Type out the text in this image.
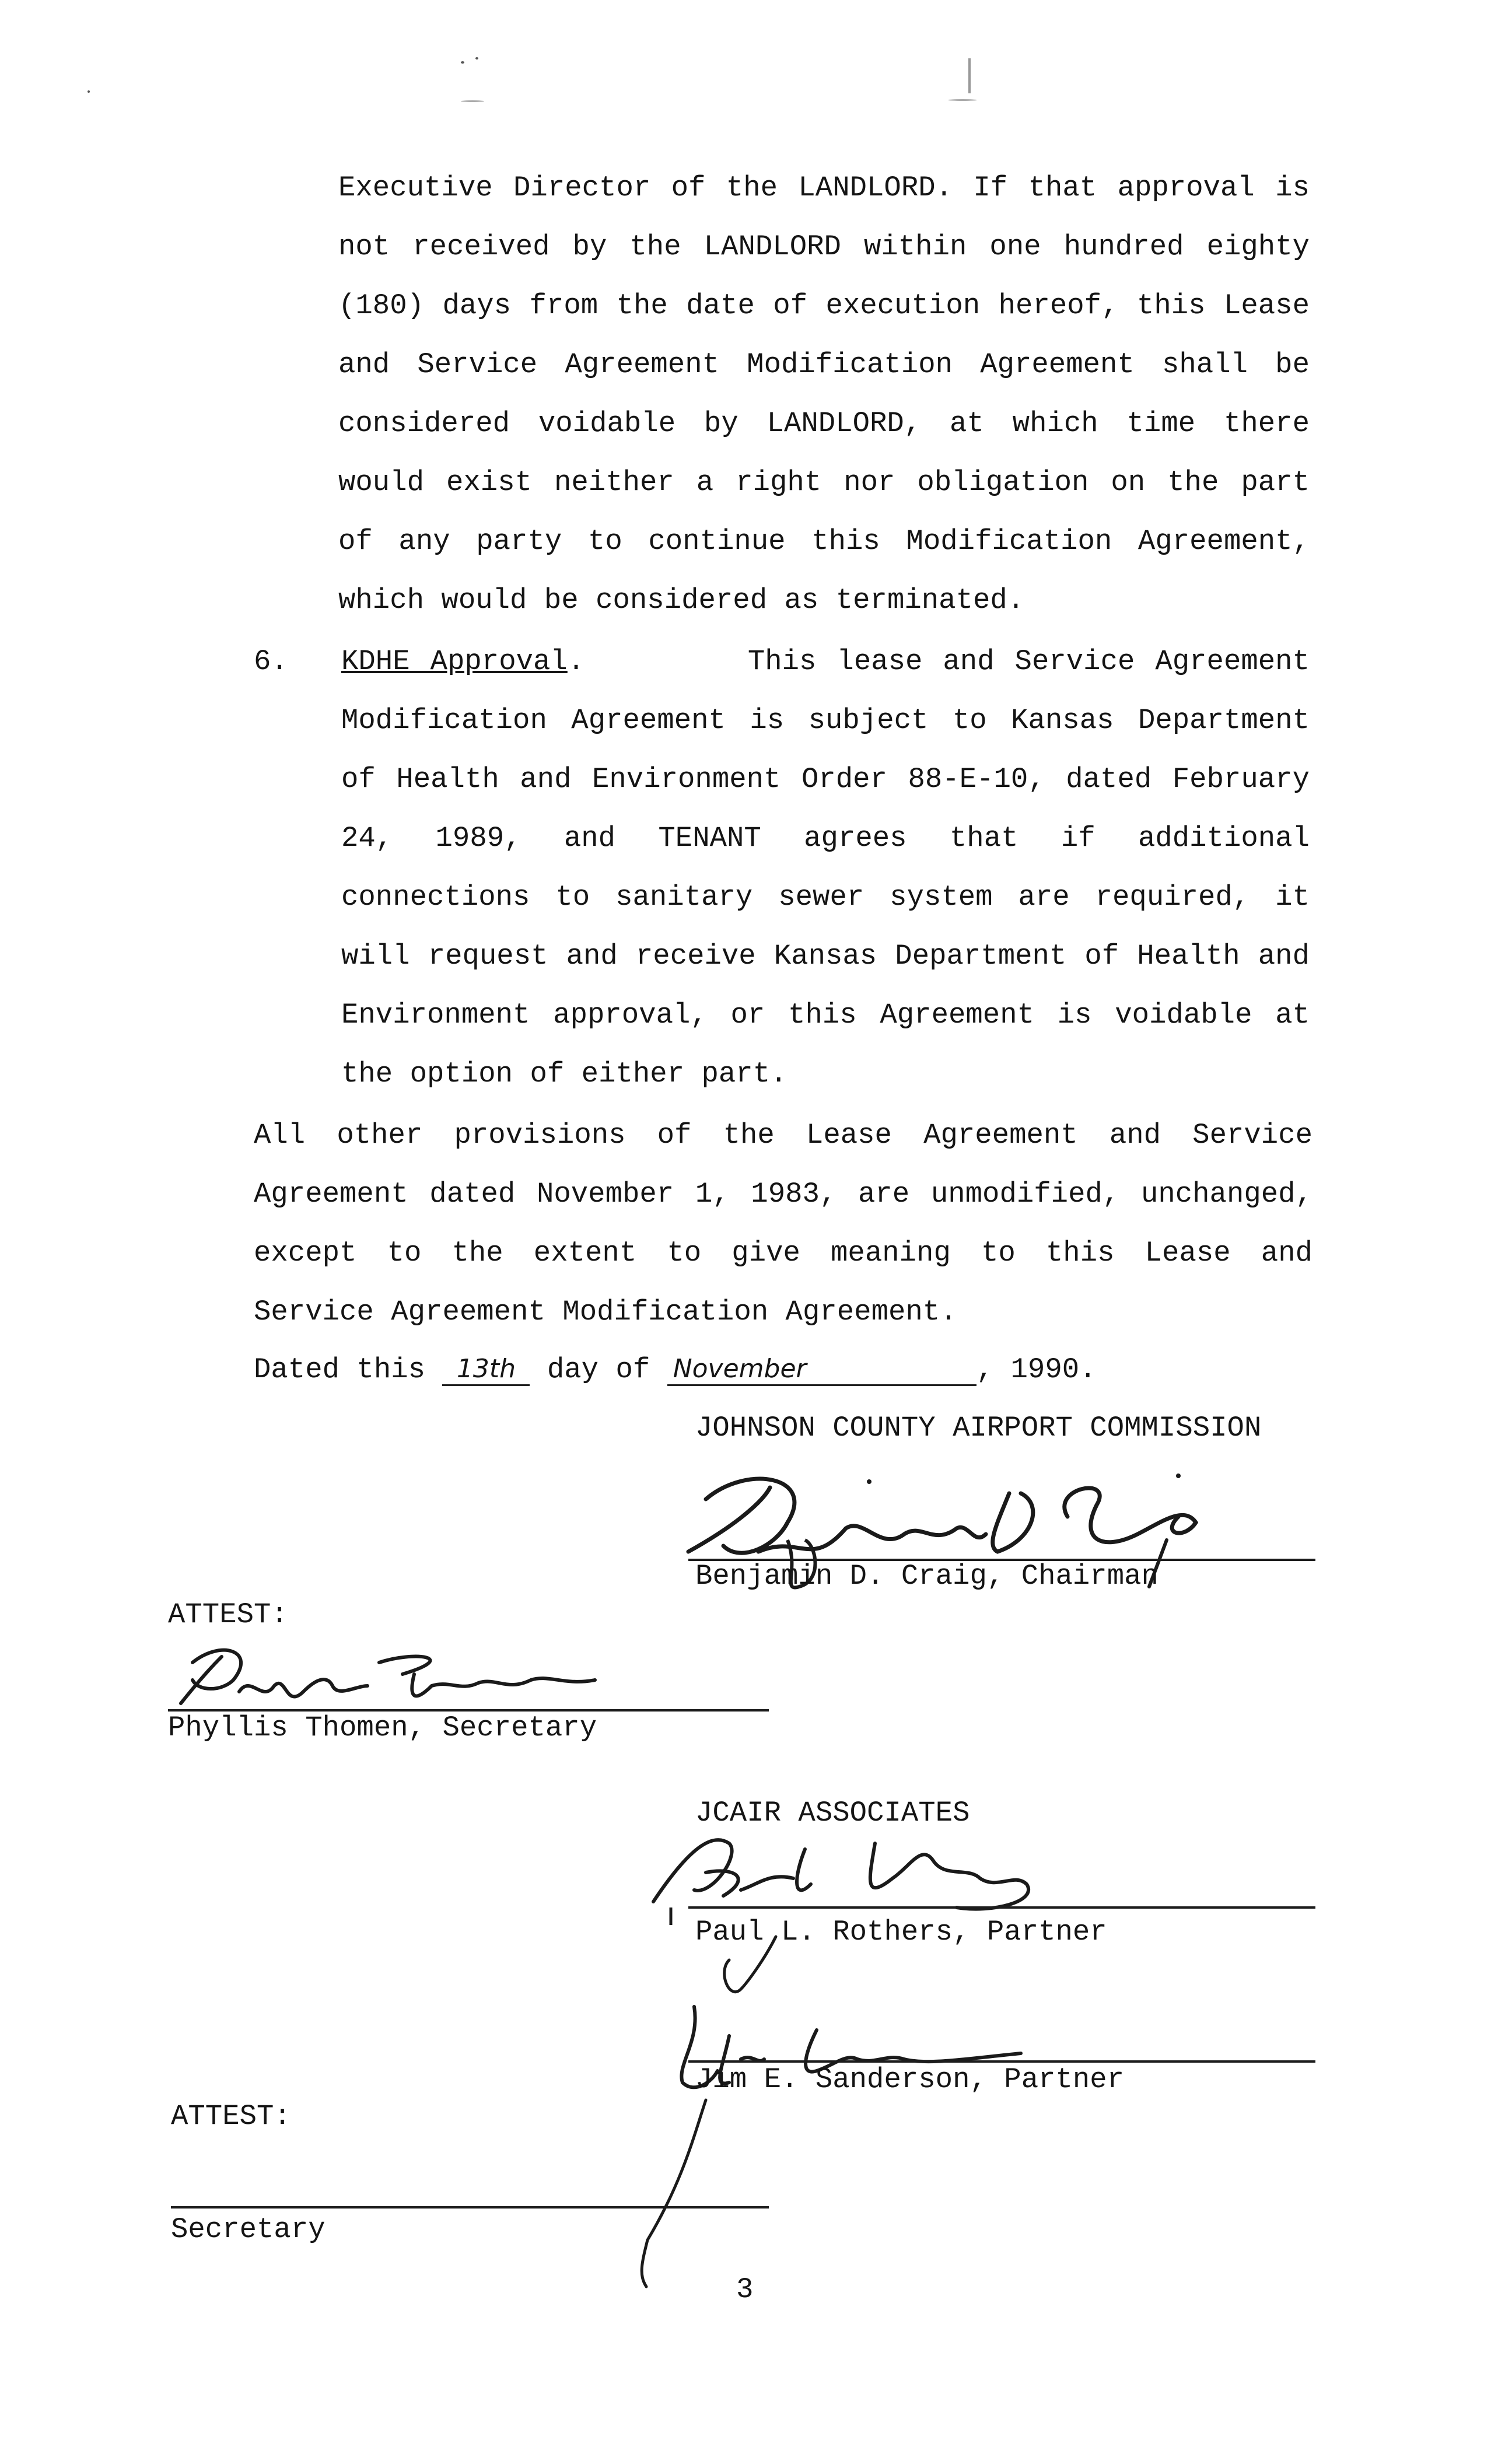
Executive Director of the LANDLORD. If that approval is not received by the LANDLORD within one hundred eighty (180) days from the date of execution hereof, this Lease and Service Agreement Modification Agreement shall be considered voidable by LANDLORD, at which time there would exist neither a right nor obligation on the part of any party to continue this Modification Agreement, which would be considered as terminated.
6. KDHE Approval.	This lease and Service Agreement Modification Agreement is subject to Kansas Department of Health and Environment Order 88-E-10, dated February 24, 1989, and TENANT agrees that if additional connections to sanitary sewer system are required, it will request and receive Kansas Department of Health and Environment approval, or this Agreement is voidable at the option of either part.
All other provisions of the Lease Agreement and Service Agreement dated November 1, 1983, are unmodified, unchanged, except to the extent to give meaning to this Lease and Service Agreement Modification Agreement.
Dated this 13th day of November	, 1990.
JOHNSON COUNTY AIRPORT COMMISSION
Benjamin D. Craig, Chairman
ATTEST:
Phyllis Thomen, Secretary
JCAIR ASSOCIATES
Paul L. Rothers, Partner
Jim E. Sanderson, Partner
ATTEST:
Secretary
3
